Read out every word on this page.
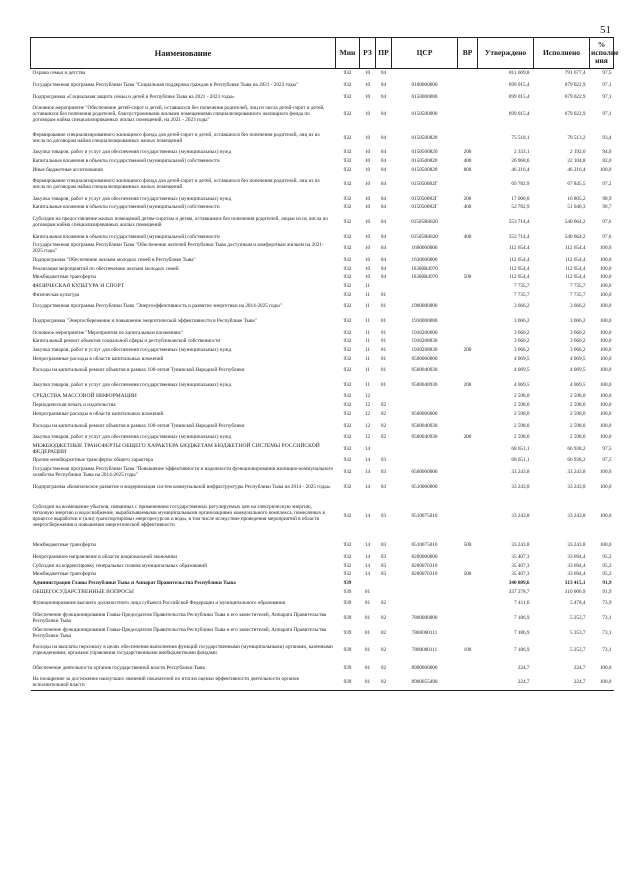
51
Наименование	Мин	РЗ	ПР	ЦСР	ВР	Утверждено	Исполнено	% исполне ния
Охрана семьи и детства	932	10	04			811 669,8	791 677,4	97,5
Государственная программа Республики Тыва "Социальная поддержка граждан в Республике Тыва на 2021 - 2023 годы"	932	10	04	0100000000		699 015,4	679 022,9	97,1
Подпрограмма «Социальная защита семьи и детей в Республике Тыва на 2021 - 2023 годы»	932	10	04	0150000000		699 015,4	679 022,9	97,1
Основное мероприятие "Обеспечение детей-сирот и детей, оставшихся без попечения родителей, лиц из числа детей-сирот и детей, оставшихся без попечения родителей, благоустроенными жилыми помещениями специализированного жилищного фонда по договорам найма специализированных жилых помещений, на 2021 - 2023 годы"	932	10	04	0150500000		699 015,4	679 022,9	97,1
Формирование специализированного жилищного фонда для детей-сирот и детей, оставшихся без попечения родителей, лиц из их числа по договорам найма специализированных жилых помещений	932	10	04	0150500820		75 518,1	70 513,2	93,4
Закупка товаров, работ и услуг для обеспечения государственных (муниципальных) нужд	932	10	04	0150500820	200	2 333,1	2 192,0	94,0
Капитальные вложения в объекты государственной (муниципальной) собственности	932	10	04	0150500820	400	26 968,6	22 104,8	82,0
Иные бюджетные ассигнования	932	10	04	0150500820	800	46 216,4	46 216,4	100,0
Формирование специализированного жилищного фонда для детей-сирот и детей, оставшихся без попечения родителей, лиц из их числа по договорам найма специализированных жилых помещений	932	10	04	015050082Г		69 782,9	67 845,5	97,2
Закупка товаров, работ и услуг для обеспечения государственных (муниципальных) нужд	932	10	04	015050082Г	200	17 000,0	16 805,2	98,9
Капитальные вложения в объекты государственной (муниципальной) собственности	932	10	04	015050082Г	400	52 782,9	51 040,3	96,7
Субсидии на предоставление жилых помещений детям-сиротам и детям, оставшимся без попечения родителей, лицам из их числа по договорам найма специализированных жилых помещений	932	10	04	01505R0820		553 714,4	540 664,2	97,6
Капитальные вложения в объекты государственной (муниципальной) собственности	932	10	04	01505R0820	400	553 714,4	540 664,2	97,6
Государственная программа Республики Тыва "Обеспечение жителей Республики Тыва доступным и комфортным жильем на 2021-2025 годы"	932	10	04	1600000000		112 654,4	112 654,4	100,0
Подпрограмма "Обеспечение жильем молодых семей в Республике Тыва"	932	10	04	1630000000		112 654,4	112 654,4	100,0
Реализация мероприятий по обеспечению жильем молодых семей	932	10	04	16300R4970		112 654,4	112 654,4	100,0
Межбюджетные трансферты	932	10	04	16300R4970	500	112 654,4	112 654,4	100,0
ФИЗИЧЕСКАЯ КУЛЬТУРА И СПОРТ	932	11				7 735,7	7 735,7	100,0
Физическая культура	932	11	01			7 735,7	7 735,7	100,0
Государственная программа Республики Тыва "Энергоэффективность и развитие энергетики на 2014-2025 годы"	932	11	01	1900000000		3 666,2	3 666,2	100,0
Подпрограмма "Энергосбережение и повышение энергетической эффективности в Республике Тыва"	932	11	01	1930000000		3 666,2	3 666,2	100,0
Основное мероприятие "Мероприятия по капитальным вложениям"	932	11	01	1930200000		3 666,2	3 666,2	100,0
Капитальный ремонт объектов социальной сферы и республиканской собственности	932	11	01	1930208830		3 666,2	3 666,2	100,0
Закупка товаров, работ и услуг для обеспечения государственных (муниципальных) нужд	932	11	01	1930208830	200	3 666,2	3 666,2	100,0
Непрограммные расходы в области капитальных вложений	932	11	01	9500000000		4 069,5	4 069,5	100,0
Расходы на капитальный ремонт объектов в рамках 100-летия Тувинской Народной Республики	932	11	01	9500040930		4 069,5	4 069,5	100,0
Закупка товаров, работ и услуг для обеспечения государственных (муниципальных) нужд	932	11	01	9500040930	200	4 069,5	4 069,5	100,0
СРЕДСТВА МАССОВОЙ ИНФОРМАЦИИ	932	12				2 598,0	2 598,0	100,0
Периодическая печать и издательства	932	12	02			2 598,0	2 598,0	100,0
Непрограммные расходы в области капитальных вложений	932	12	02	9500000000		2 598,0	2 598,0	100,0
Расходы на капитальный ремонт объектов в рамках 100-летия Тувинской Народной Республики	932	12	02	9500040930		2 598,0	2 598,0	100,0
Закупка товаров, работ и услуг для обеспечения государственных (муниципальных) нужд	932	12	02	9500040930	200	2 598,0	2 598,0	100,0
МЕЖБЮДЖЕТНЫЕ ТРАНСФЕРТЫ ОБЩЕГО ХАРАКТЕРА БЮДЖЕТАМ БЮДЖЕТНОЙ СИСТЕМЫ РОССИЙСКОЙ ФЕДЕРАЦИИ	932	14				68 651,1	66 938,2	97,5
Прочие межбюджетные трансферты общего характера	932	14	03			68 651,1	66 938,2	97,5
Государственная программа Республики Тыва "Повышение эффективности и надежности функционирования жилищно-коммунального хозяйства Республики Тыва на 2014-2025 годы"	932	14	03	0500000000		33 243,8	33 243,8	100,0
Подпрограмма «Комплексное развитие и модернизация систем коммунальной инфраструктуры Республики Тыва на 2014 - 2025 годы»	932	14	03	0510000000		33 243,8	33 243,8	100,0
Субсидии на возмещение убытков, связанных с применением государственных регулируемых цен на электрическую энергию, тепловую энергию и водоснабжение, вырабатываемыми муниципальными организациями коммунального комплекса, помесячных в процессе выработки и (или) транспортировки энергоресурсов и воды, в том числе вследствие проведения мероприятий в области энергосбережения и повышения энергетической эффективности	932	14	03	0510075010		33 243,8	33 243,8	100,0
Межбюджетные трансферты	932	14	03	0510075010	500	33 243,8	33 243,8	100,0
Непрограммное направление в области национальной экономики	932	14	03	8200000000		35 407,3	33 694,4	95,2
Субсидии на корректировку генеральных планов муниципальных образований	932	14	03	8200070310		35 407,3	33 694,4	95,2
Межбюджетные трансферты	932	14	03	8200070310	500	35 407,3	33 694,4	95,2
Администрация Главы Республики Тыва и Аппарат Правительства Республики Тыва	939					340 889,6	313 415,1	91,9
ОБЩЕГОСУДАРСТВЕННЫЕ ВОПРОСЫ	939	01				337 278,7	310 006,9	91,9
Функционирование высшего должностного лица субъекта Российской Федерации и муниципального образования	939	01	02			7 411,6	5 478,4	73,9
Обеспечение функционирования Главы-Председателя Правительства Республики Тыва и его заместителей, Аппарата Правительства Республики Тыва	939	01	02	7800000000		7 186,9	5 253,7	73,1
Обеспечение функционирования Главы-Председателя Правительства Республики Тыва и его заместителей, Аппарата Правительства Республики Тыва	939	01	02	7800000111		7 186,9	5 253,7	73,1
Расходы на выплаты персоналу в целях обеспечения выполнения функций государственными (муниципальными) органами, казенными учреждениями, органами управления государственными внебюджетными фондами	939	01	02	7800000111	100	7 186,9	5 253,7	73,1
Обеспечение деятельности органов государственной власти Республики Тыва	939	01	02	8900000000		224,7	224,7	100,0
На поощрение за достижение наилучших значений показателей по итогам оценки эффективности деятельности органов исполнительной власти	939	01	02	8900055490		224,7	224,7	100,0
